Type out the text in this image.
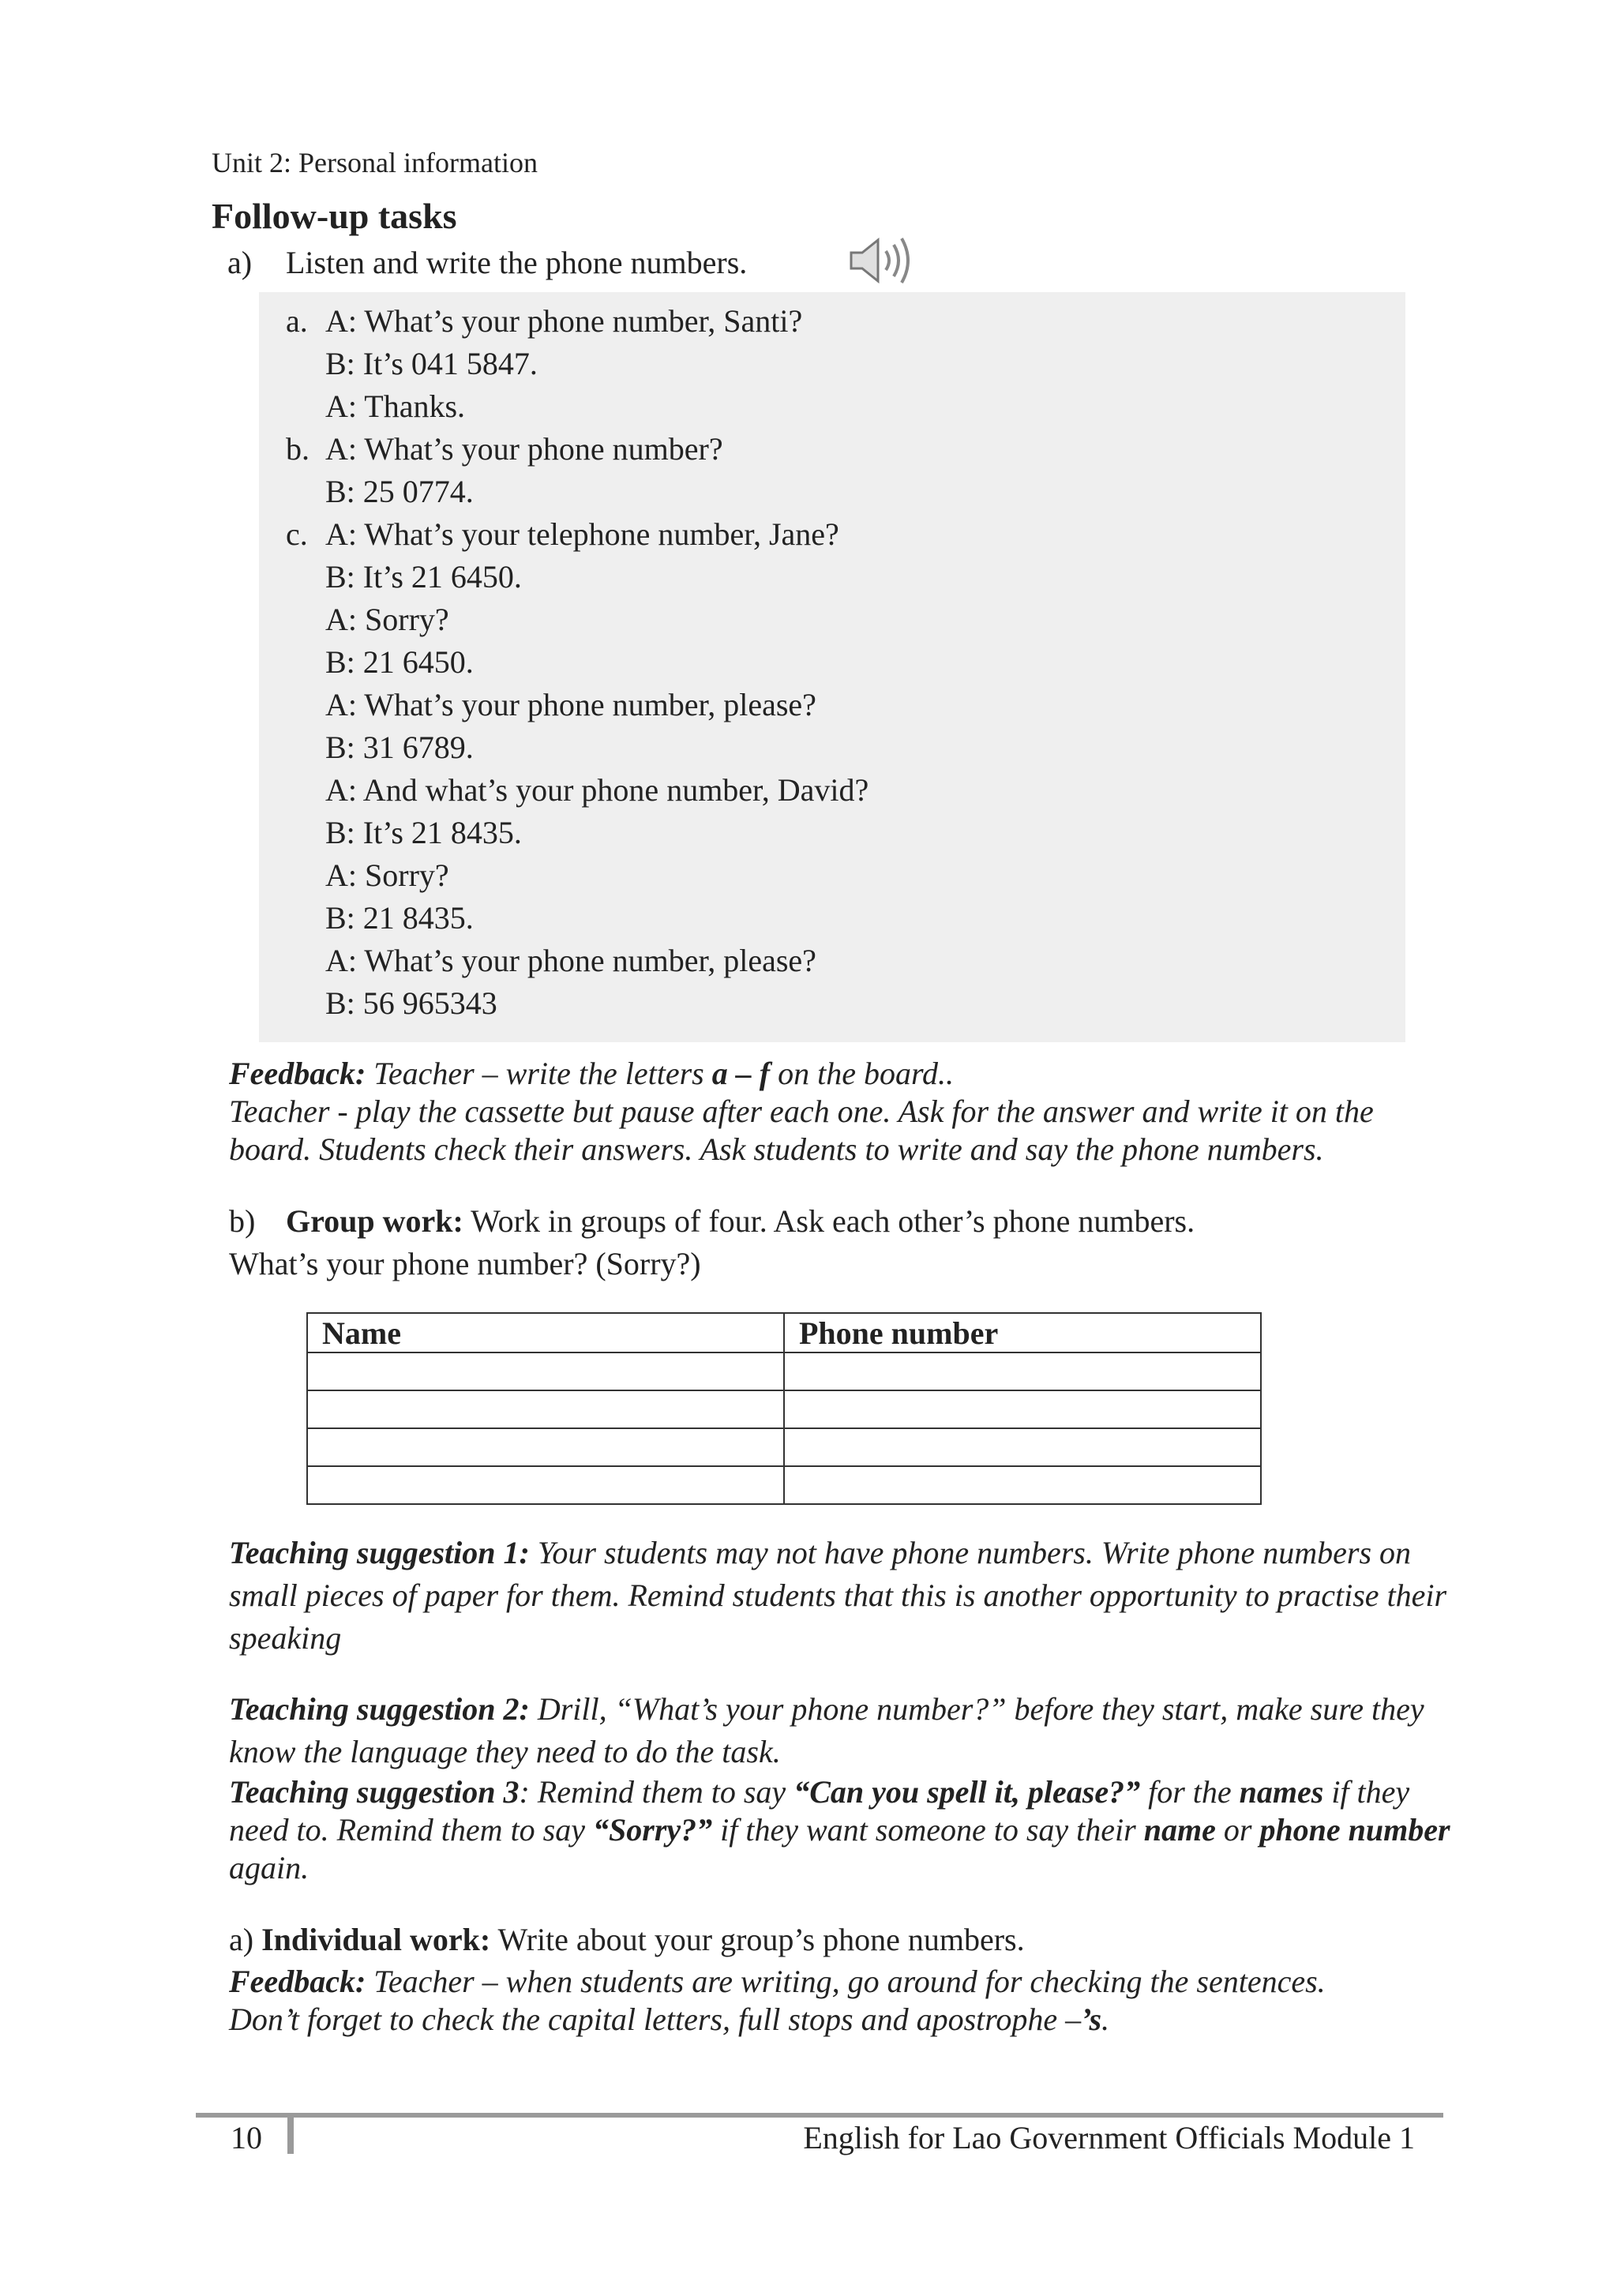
Unit 2: Personal information
Follow-up tasks
a) Listen and write the phone numbers.
a. A: What’s your phone number, Santi?
B: It’s 041 5847.
A: Thanks.
b. A: What’s your phone number?
B: 25 0774.
c. A: What’s your telephone number, Jane?
B: It’s 21 6450.
A: Sorry?
B: 21 6450.
A: What’s your phone number, please?
B: 31 6789.
A: And what’s your phone number, David?
B: It’s 21 8435.
A: Sorry?
B: 21 8435.
A: What’s your phone number, please?
B: 56 965343
Feedback: Teacher – write the letters a – f on the board..
Teacher - play the cassette but pause after each one. Ask for the answer and write it on the board. Students check their answers. Ask students to write and say the phone numbers.
b) Group work: Work in groups of four. Ask each other’s phone numbers.
What’s your phone number? (Sorry?)
Name	Phone number

Teaching suggestion 1: Your students may not have phone numbers. Write phone numbers on small pieces of paper for them. Remind students that this is another opportunity to practise their speaking
Teaching suggestion 2: Drill, “What’s your phone number?” before they start, make sure they know the language they need to do the task.
Teaching suggestion 3: Remind them to say “Can you spell it, please?” for the names if they need to. Remind them to say “Sorry?” if they want someone to say their name or phone number again.
a) Individual work: Write about your group’s phone numbers.
Feedback: Teacher – when students are writing, go around for checking the sentences.
Don’t forget to check the capital letters, full stops and apostrophe –’s.
10	English for Lao Government Officials Module 1
